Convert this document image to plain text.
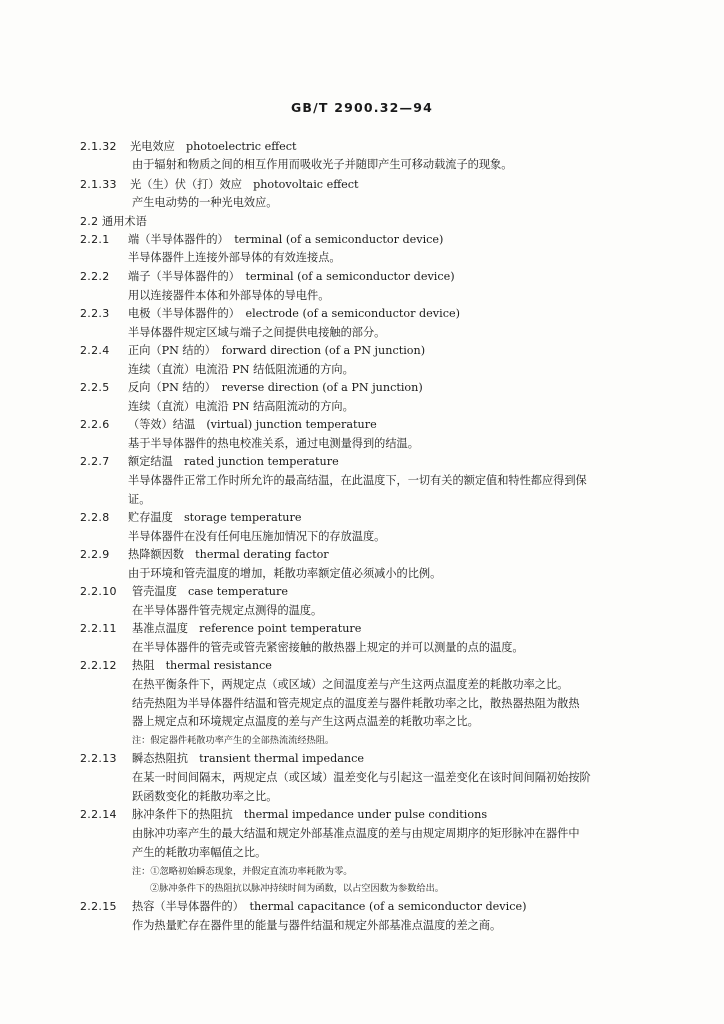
GB/T 2900.32—94
2.1.32 光电效应　photoelectric effect
由于辐射和物质之间的相互作用而吸收光子并随即产生可移动载流子的现象。
2.1.33 光（生）伏（打）效应　photovoltaic effect
产生电动势的一种光电效应。
2.2 通用术语
2.2.1 端（半导体器件的）　terminal (of a semiconductor device)
半导体器件上连接外部导体的有效连接点。
2.2.2 端子（半导体器件的）　terminal (of a semiconductor device)
用以连接器件本体和外部导体的导电件。
2.2.3 电极（半导体器件的）　electrode (of a semiconductor device)
半导体器件规定区域与端子之间提供电接触的部分。
2.2.4 正向（PN 结的）　forward direction (of a PN junction)
连续（直流）电流沿 PN 结低阻流通的方向。
2.2.5 反向（PN 结的）　reverse direction (of a PN junction)
连续（直流）电流沿 PN 结高阻流动的方向。
2.2.6 （等效）结温　(virtual) junction temperature
基于半导体器件的热电校准关系，通过电测量得到的结温。
2.2.7 额定结温　rated junction temperature
半导体器件正常工作时所允许的最高结温，在此温度下，一切有关的额定值和特性都应得到保
证。
2.2.8 贮存温度　storage temperature
半导体器件在没有任何电压施加情况下的存放温度。
2.2.9 热降额因数　thermal derating factor
由于环境和管壳温度的增加，耗散功率额定值必须减小的比例。
2.2.10 管壳温度　case temperature
在半导体器件管壳规定点测得的温度。
2.2.11 基准点温度　reference point temperature
在半导体器件的管壳或管壳紧密接触的散热器上规定的并可以测量的点的温度。
2.2.12 热阻　thermal resistance
在热平衡条件下，两规定点（或区域）之间温度差与产生这两点温度差的耗散功率之比。
结壳热阻为半导体器件结温和管壳规定点的温度差与器件耗散功率之比，散热器热阻为散热
器上规定点和环境规定点温度的差与产生这两点温差的耗散功率之比。
注：假定器件耗散功率产生的全部热流流经热阻。
2.2.13 瞬态热阻抗　transient thermal impedance
在某一时间间隔末，两规定点（或区域）温差变化与引起这一温差变化在该时间间隔初始按阶
跃函数变化的耗散功率之比。
2.2.14 脉冲条件下的热阻抗　thermal impedance under pulse conditions
由脉冲功率产生的最大结温和规定外部基准点温度的差与由规定周期序的矩形脉冲在器件中
产生的耗散功率幅值之比。
注：①忽略初始瞬态现象，并假定直流功率耗散为零。
②脉冲条件下的热阻抗以脉冲持续时间为函数，以占空因数为参数给出。
2.2.15 热容（半导体器件的）　thermal capacitance (of a semiconductor device)
作为热量贮存在器件里的能量与器件结温和规定外部基准点温度的差之商。
